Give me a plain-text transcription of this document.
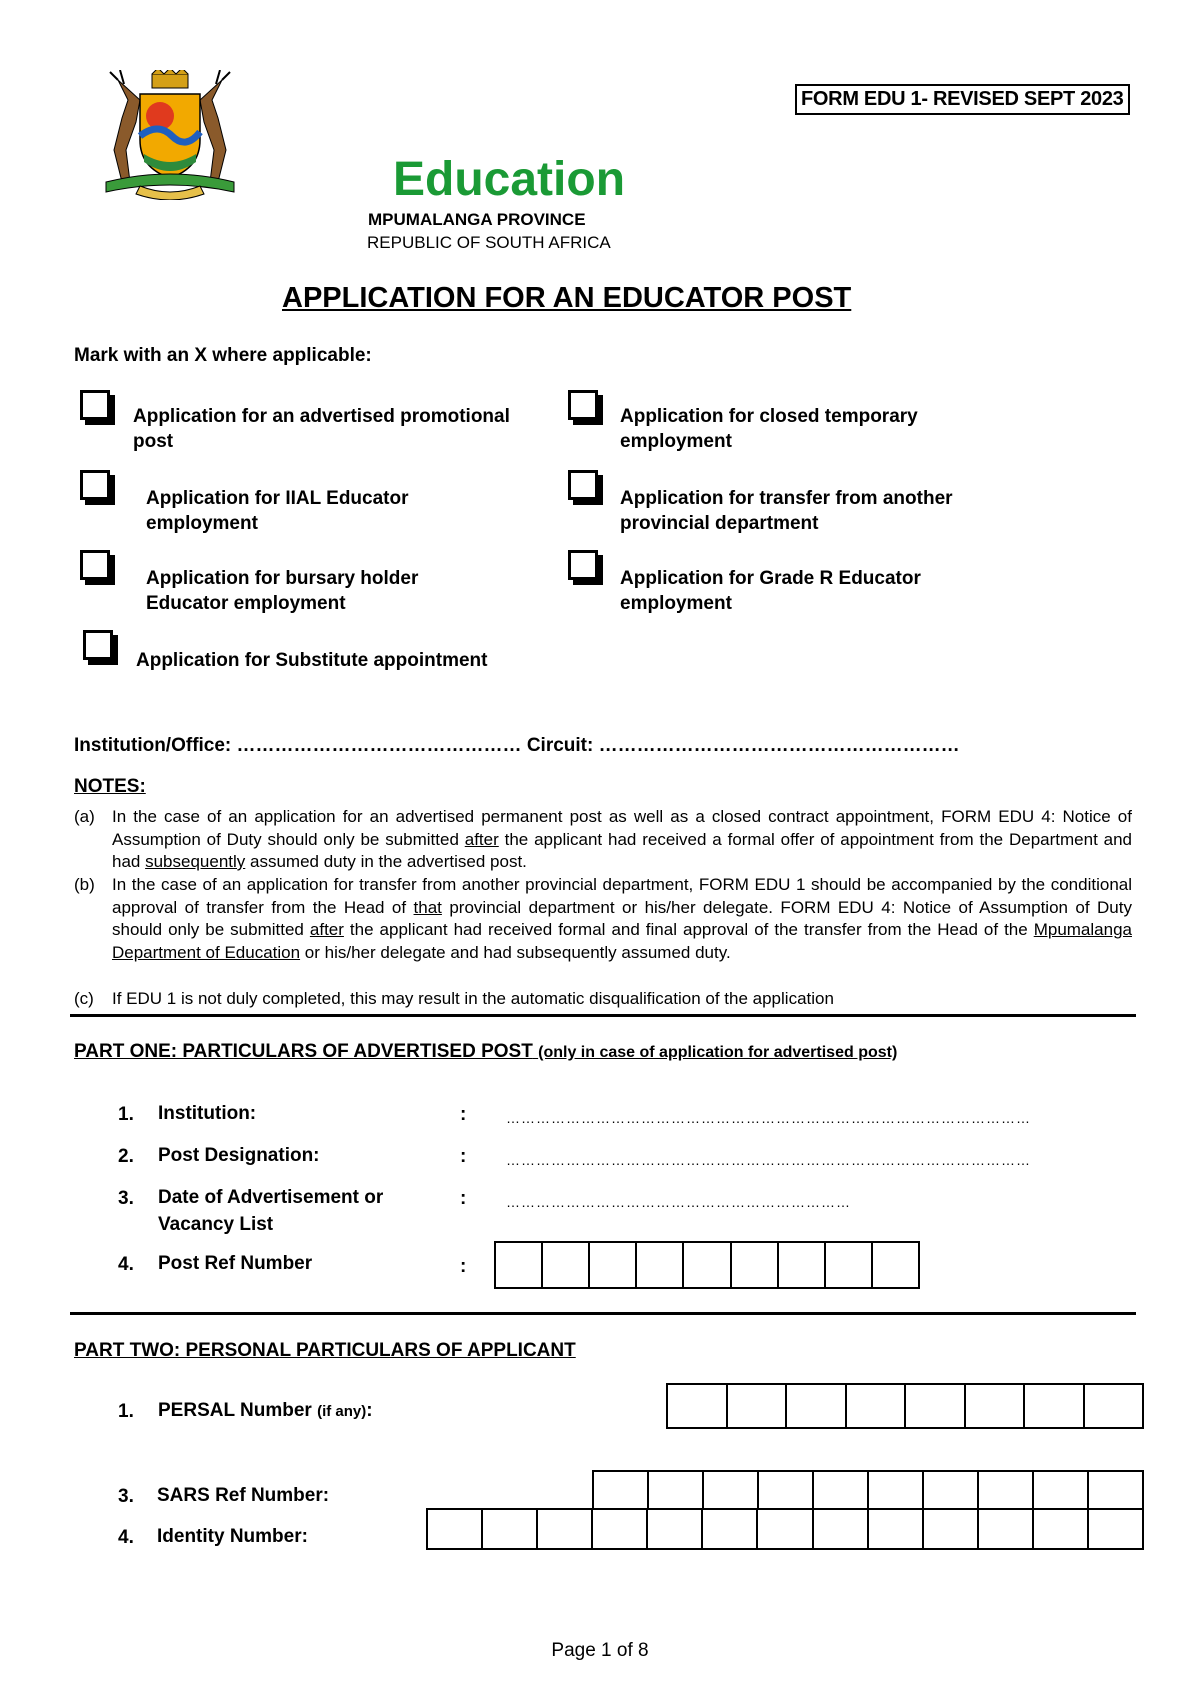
FORM EDU 1- REVISED SEPT 2023
Education
MPUMALANGA PROVINCE
REPUBLIC OF SOUTH AFRICA
APPLICATION FOR AN EDUCATOR POST
Mark with an X where applicable:
Application for an advertised promotional post
Application for closed temporary employment
Application for IIAL Educator employment
Application for transfer from another provincial department
Application for bursary holder Educator employment
Application for Grade R Educator employment
Application for Substitute appointment
Institution/Office: ……………………………………… Circuit: …………………………………………………
NOTES:
(a) In the case of an application for an advertised permanent post as well as a closed contract appointment, FORM EDU 4: Notice of Assumption of Duty should only be submitted after the applicant had received a formal offer of appointment from the Department and had subsequently assumed duty in the advertised post.
(b) In the case of an application for transfer from another provincial department, FORM EDU 1 should be accompanied by the conditional approval of transfer from the Head of that provincial department or his/her delegate. FORM EDU 4: Notice of Assumption of Duty should only be submitted after the applicant had received formal and final approval of the transfer from the Head of the Mpumalanga Department of Education or his/her delegate and had subsequently assumed duty.
(c) If EDU 1 is not duly completed, this may result in the automatic disqualification of the application
PART ONE: PARTICULARS OF ADVERTISED POST (only in case of application for advertised post)
1. Institution:	:	……………………………………………………………………………………………
2. Post Designation:	:	……………………………………………………………………………………………
3. Date of Advertisement or Vacancy List
:	……………………………………………………………
4. Post Ref Number	:
PART TWO: PERSONAL PARTICULARS OF APPLICANT
1. PERSAL Number (if any):
3. SARS Ref Number:
4. Identity Number:
Page 1 of 8
